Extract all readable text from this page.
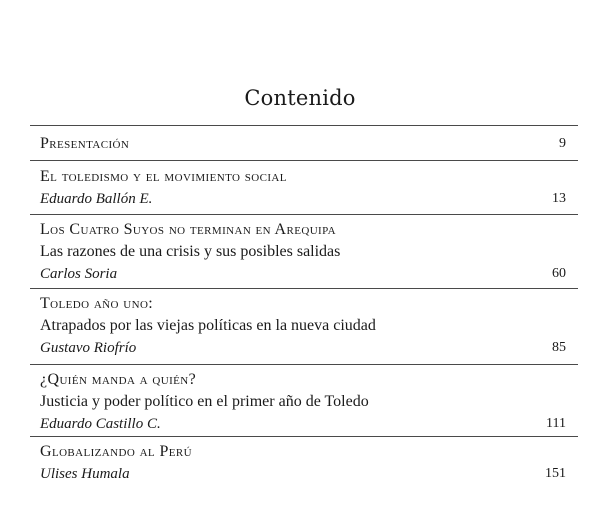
Contenido
Presentación	9
El toledismo y el movimiento social
Eduardo Ballón E.	13
Los Cuatro Suyos no terminan en Arequipa
Las razones de una crisis y sus posibles salidas
Carlos Soria	60
Toledo año uno:
Atrapados por las viejas políticas en la nueva ciudad
Gustavo Riofrío	85
¿Quién manda a quién?
Justicia y poder político en el primer año de Toledo
Eduardo Castillo C.	111
Globalizando al Perú
Ulises Humala	151
